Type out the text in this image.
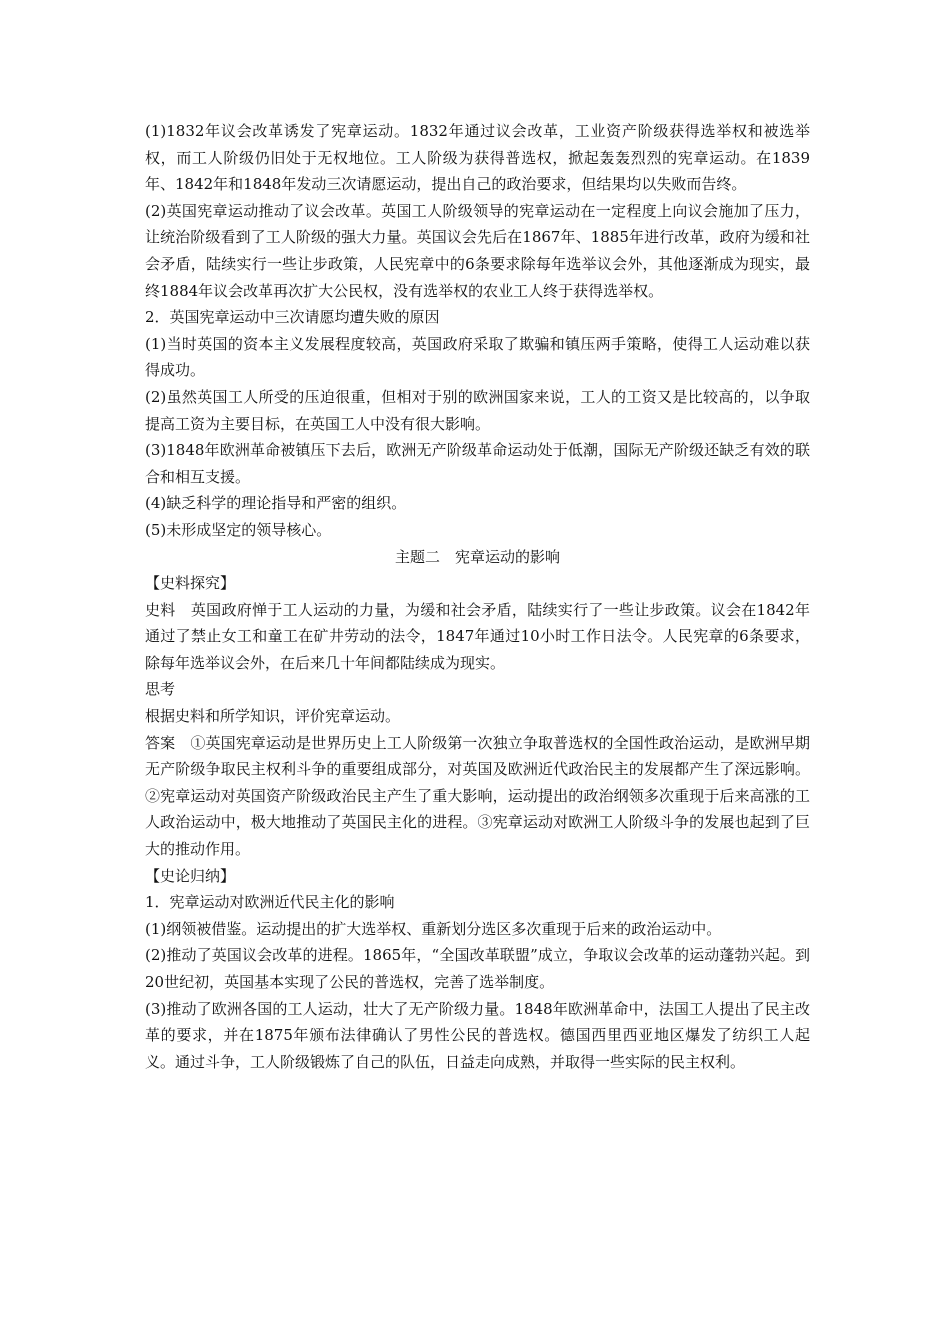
(1)1832年议会改革诱发了宪章运动。1832年通过议会改革，工业资产阶级获得选举权和被选举权，而工人阶级仍旧处于无权地位。工人阶级为获得普选权，掀起轰轰烈烈的宪章运动。在1839年、1842年和1848年发动三次请愿运动，提出自己的政治要求，但结果均以失败而告终。

(2)英国宪章运动推动了议会改革。英国工人阶级领导的宪章运动在一定程度上向议会施加了压力，让统治阶级看到了工人阶级的强大力量。英国议会先后在1867年、1885年进行改革，政府为缓和社会矛盾，陆续实行一些让步政策，人民宪章中的6条要求除每年选举议会外，其他逐渐成为现实，最终1884年议会改革再次扩大公民权，没有选举权的农业工人终于获得选举权。

2．英国宪章运动中三次请愿均遭失败的原因

(1)当时英国的资本主义发展程度较高，英国政府采取了欺骗和镇压两手策略，使得工人运动难以获得成功。

(2)虽然英国工人所受的压迫很重，但相对于别的欧洲国家来说，工人的工资又是比较高的，以争取提高工资为主要目标，在英国工人中没有很大影响。

(3)1848年欧洲革命被镇压下去后，欧洲无产阶级革命运动处于低潮，国际无产阶级还缺乏有效的联合和相互支援。

(4)缺乏科学的理论指导和严密的组织。

(5)未形成坚定的领导核心。

主题二　宪章运动的影响

【史料探究】

史料　英国政府惮于工人运动的力量，为缓和社会矛盾，陆续实行了一些让步政策。议会在1842年通过了禁止女工和童工在矿井劳动的法令，1847年通过10小时工作日法令。人民宪章的6条要求，除每年选举议会外，在后来几十年间都陆续成为现实。

思考

根据史料和所学知识，评价宪章运动。

答案　①英国宪章运动是世界历史上工人阶级第一次独立争取普选权的全国性政治运动，是欧洲早期无产阶级争取民主权利斗争的重要组成部分，对英国及欧洲近代政治民主的发展都产生了深远影响。②宪章运动对英国资产阶级政治民主产生了重大影响，运动提出的政治纲领多次重现于后来高涨的工人政治运动中，极大地推动了英国民主化的进程。③宪章运动对欧洲工人阶级斗争的发展也起到了巨大的推动作用。

【史论归纳】

1．宪章运动对欧洲近代民主化的影响

(1)纲领被借鉴。运动提出的扩大选举权、重新划分选区多次重现于后来的政治运动中。

(2)推动了英国议会改革的进程。1865年，“全国改革联盟”成立，争取议会改革的运动蓬勃兴起。到20世纪初，英国基本实现了公民的普选权，完善了选举制度。

(3)推动了欧洲各国的工人运动，壮大了无产阶级力量。1848年欧洲革命中，法国工人提出了民主改革的要求，并在1875年颁布法律确认了男性公民的普选权。德国西里西亚地区爆发了纺织工人起义。通过斗争，工人阶级锻炼了自己的队伍，日益走向成熟，并取得一些实际的民主权利。
